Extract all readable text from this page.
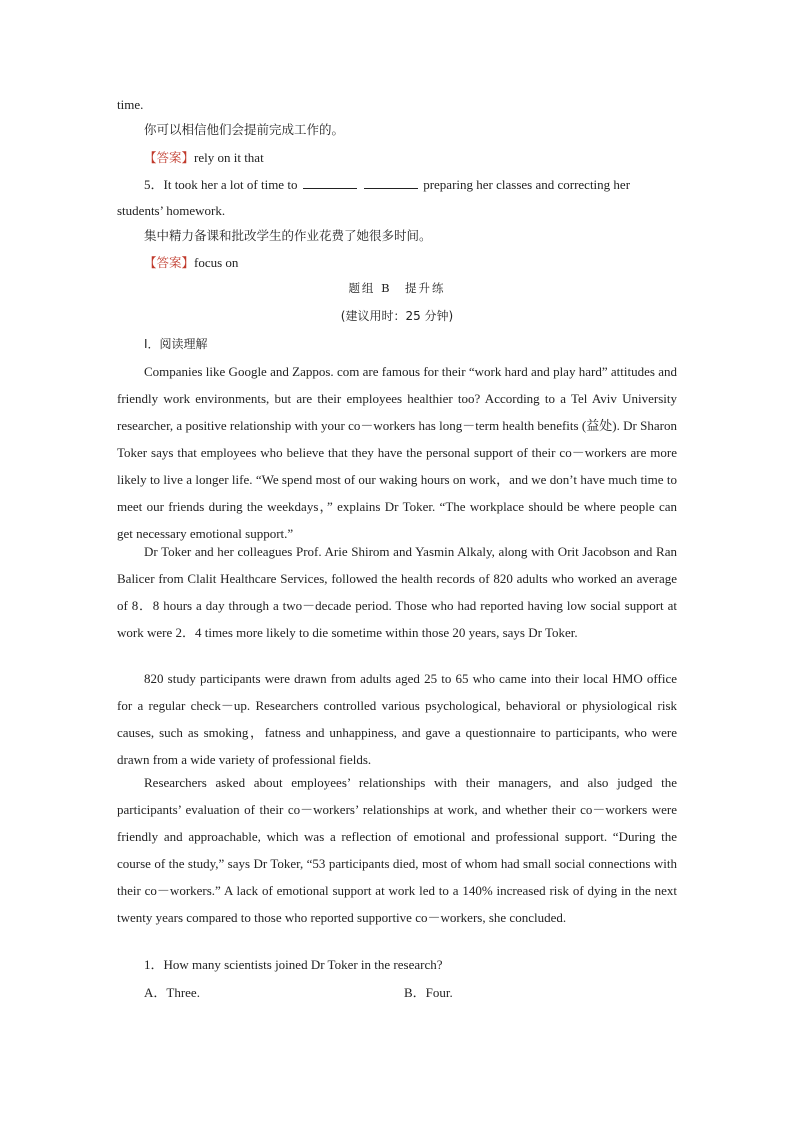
time.
你可以相信他们会提前完成工作的。
【答案】rely on it that
5．It took her a lot of time to	preparing her classes and correcting her
students’ homework.
集中精力备课和批改学生的作业花费了她很多时间。
【答案】focus on
题组 B　提升练
(建议用时：25 分钟)
Ⅰ．阅读理解
Companies like Google and Zappos. com are famous for their “work hard and play hard” attitudes and friendly work environments, but are their employees healthier too? According to a Tel Aviv University researcher, a positive relationship with your co－workers has long－term health benefits (益处). Dr Sharon Toker says that employees who believe that they have the personal support of their co－workers are more likely to live a longer life. “We spend most of our waking hours on work，and we don’t have much time to meet our friends during the weekdays，” explains Dr Toker. “The workplace should be where people can get necessary emotional support.”
Dr Toker and her colleagues Prof. Arie Shirom and Yasmin Alkaly, along with Orit Jacobson and Ran Balicer from Clalit Healthcare Services, followed the health records of 820 adults who worked an average of 8．8 hours a day through a two－decade period. Those who had reported having low social support at work were 2．4 times more likely to die sometime within those 20 years, says Dr Toker.
820 study participants were drawn from adults aged 25 to 65 who came into their local HMO office for a regular check－up. Researchers controlled various psychological, behavioral or physiological risk causes, such as smoking，fatness and unhappiness, and gave a questionnaire to participants, who were drawn from a wide variety of professional fields.
Researchers asked about employees’ relationships with their managers, and also judged the participants’ evaluation of their co－workers’ relationships at work, and whether their co－workers were friendly and approachable, which was a reflection of emotional and professional support. “During the course of the study,” says Dr Toker, “53 participants died, most of whom had small social connections with their co－workers.” A lack of emotional support at work led to a 140% increased risk of dying in the next twenty years compared to those who reported supportive co－workers, she concluded.
1．How many scientists joined Dr Toker in the research?
A．Three.	B．Four.
